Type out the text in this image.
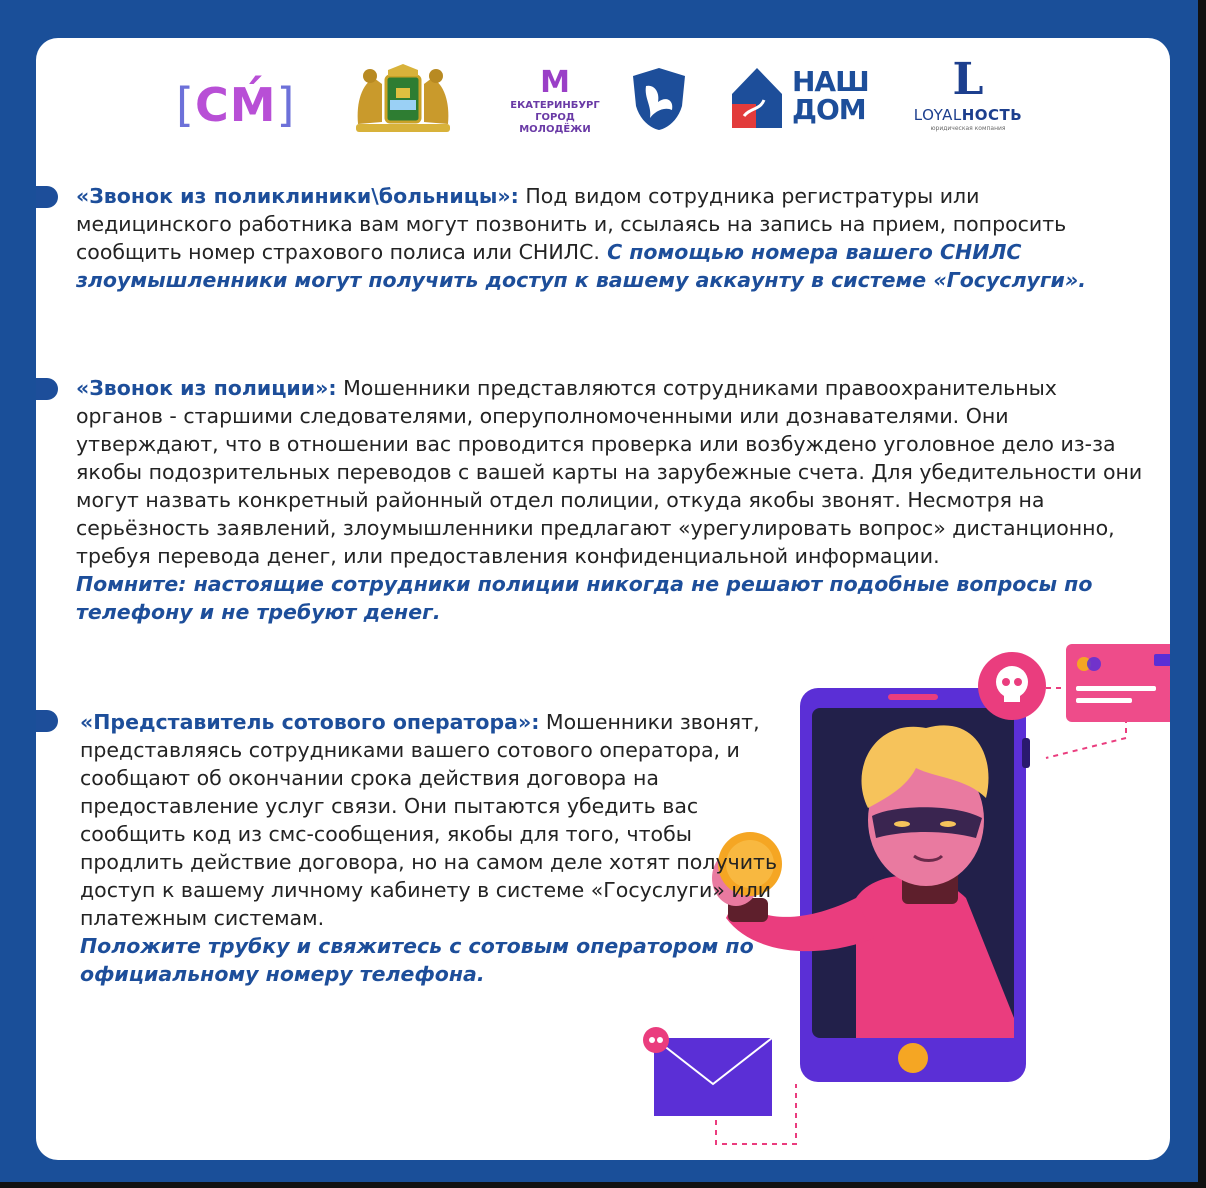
[СМ́]	M
ЕКАТЕРИНБУРГ
ГОРОД МОЛОДЁЖИ
НАШ
ДОМ
L
LOYALНОСТЬ
юридическая компания

«Звонок из поликлиники\больницы»: Под видом сотрудника регистратуры или медицинского работника вам могут позвонить и, ссылаясь на запись на прием, попросить сообщить номер страхового полиса или СНИЛС. С помощью номера вашего СНИЛС злоумышленники могут получить доступ к вашему аккаунту в системе «Госуслуги».

«Звонок из полиции»: Мошенники представляются сотрудниками правоохранительных органов - старшими следователями, оперуполномоченными или дознавателями. Они утверждают, что в отношении вас проводится проверка или возбуждено уголовное дело из-за якобы подозрительных переводов с вашей карты на зарубежные счета. Для убедительности они могут назвать конкретный районный отдел полиции, откуда якобы звонят. Несмотря на серьёзность заявлений, злоумышленники предлагают «урегулировать вопрос» дистанционно, требуя перевода денег, или предоставления конфиденциальной информации.
Помните: настоящие сотрудники полиции никогда не решают подобные вопросы по телефону и не требуют денег.

«Представитель сотового оператора»: Мошенники звонят, представляясь сотрудниками вашего сотового оператора, и сообщают об окончании срока действия договора на предоставление услуг связи. Они пытаются убедить вас сообщить код из смс-сообщения, якобы для того, чтобы продлить действие договора, но на самом деле хотят получить доступ к вашему личному кабинету в системе «Госуслуги» или платежным системам.
Положите трубку и свяжитесь с сотовым оператором по официальному номеру телефона.
